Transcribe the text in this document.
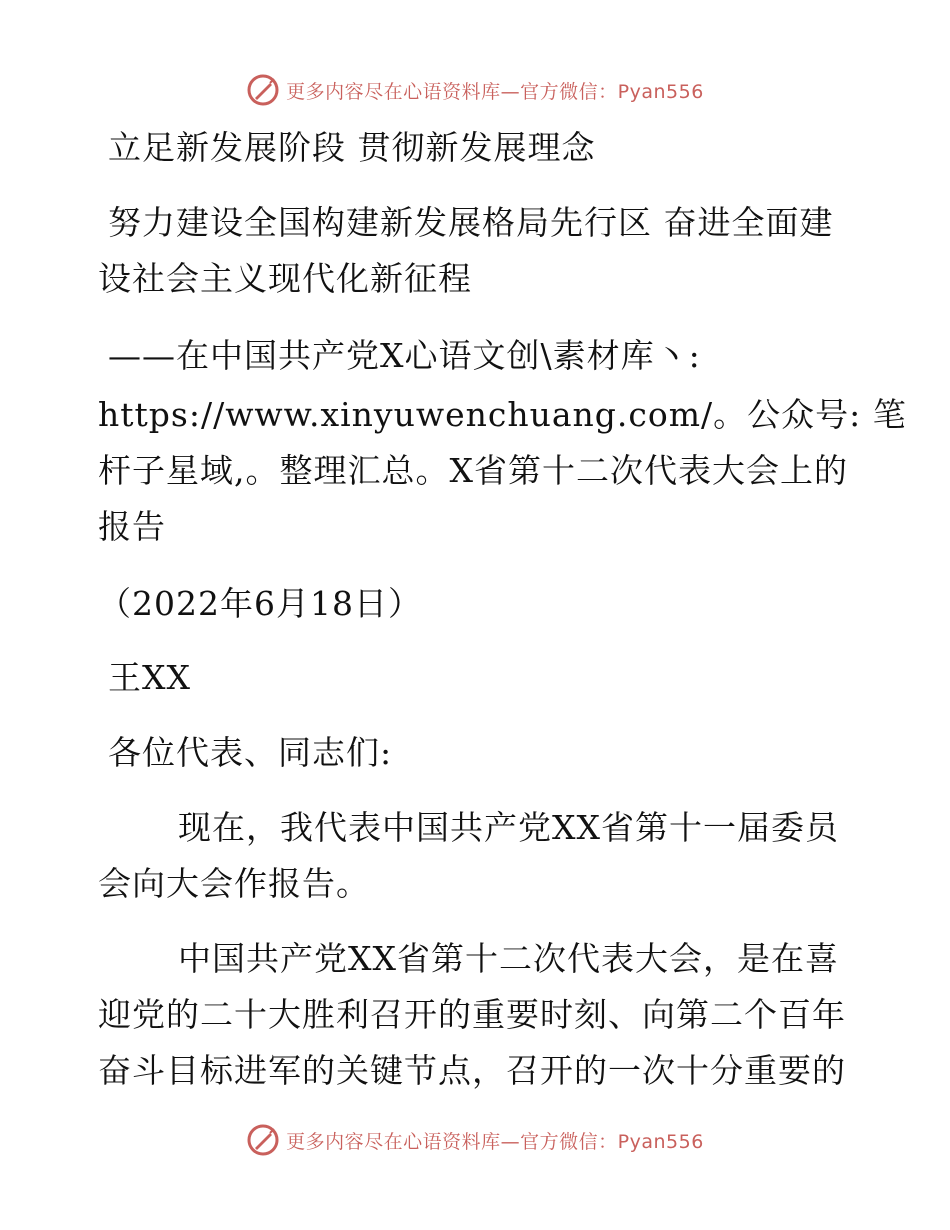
更多内容尽在心语资料库—官方微信：Pyan556
立足新发展阶段 贯彻新发展理念
努力建设全国构建新发展格局先行区 奋进全面建
设社会主义现代化新征程
——在中国共产党X心语文创\素材库丶:
https://www.xinyuwenchuang.com/。公众号: 笔
杆子星域,。整理汇总。X省第十二次代表大会上的
报告
（2022年6月18日）
王XX
各位代表、同志们:
现在，我代表中国共产党XX省第十一届委员
会向大会作报告。
中国共产党XX省第十二次代表大会，是在喜
迎党的二十大胜利召开的重要时刻、向第二个百年
奋斗目标进军的关键节点，召开的一次十分重要的
更多内容尽在心语资料库—官方微信：Pyan556
